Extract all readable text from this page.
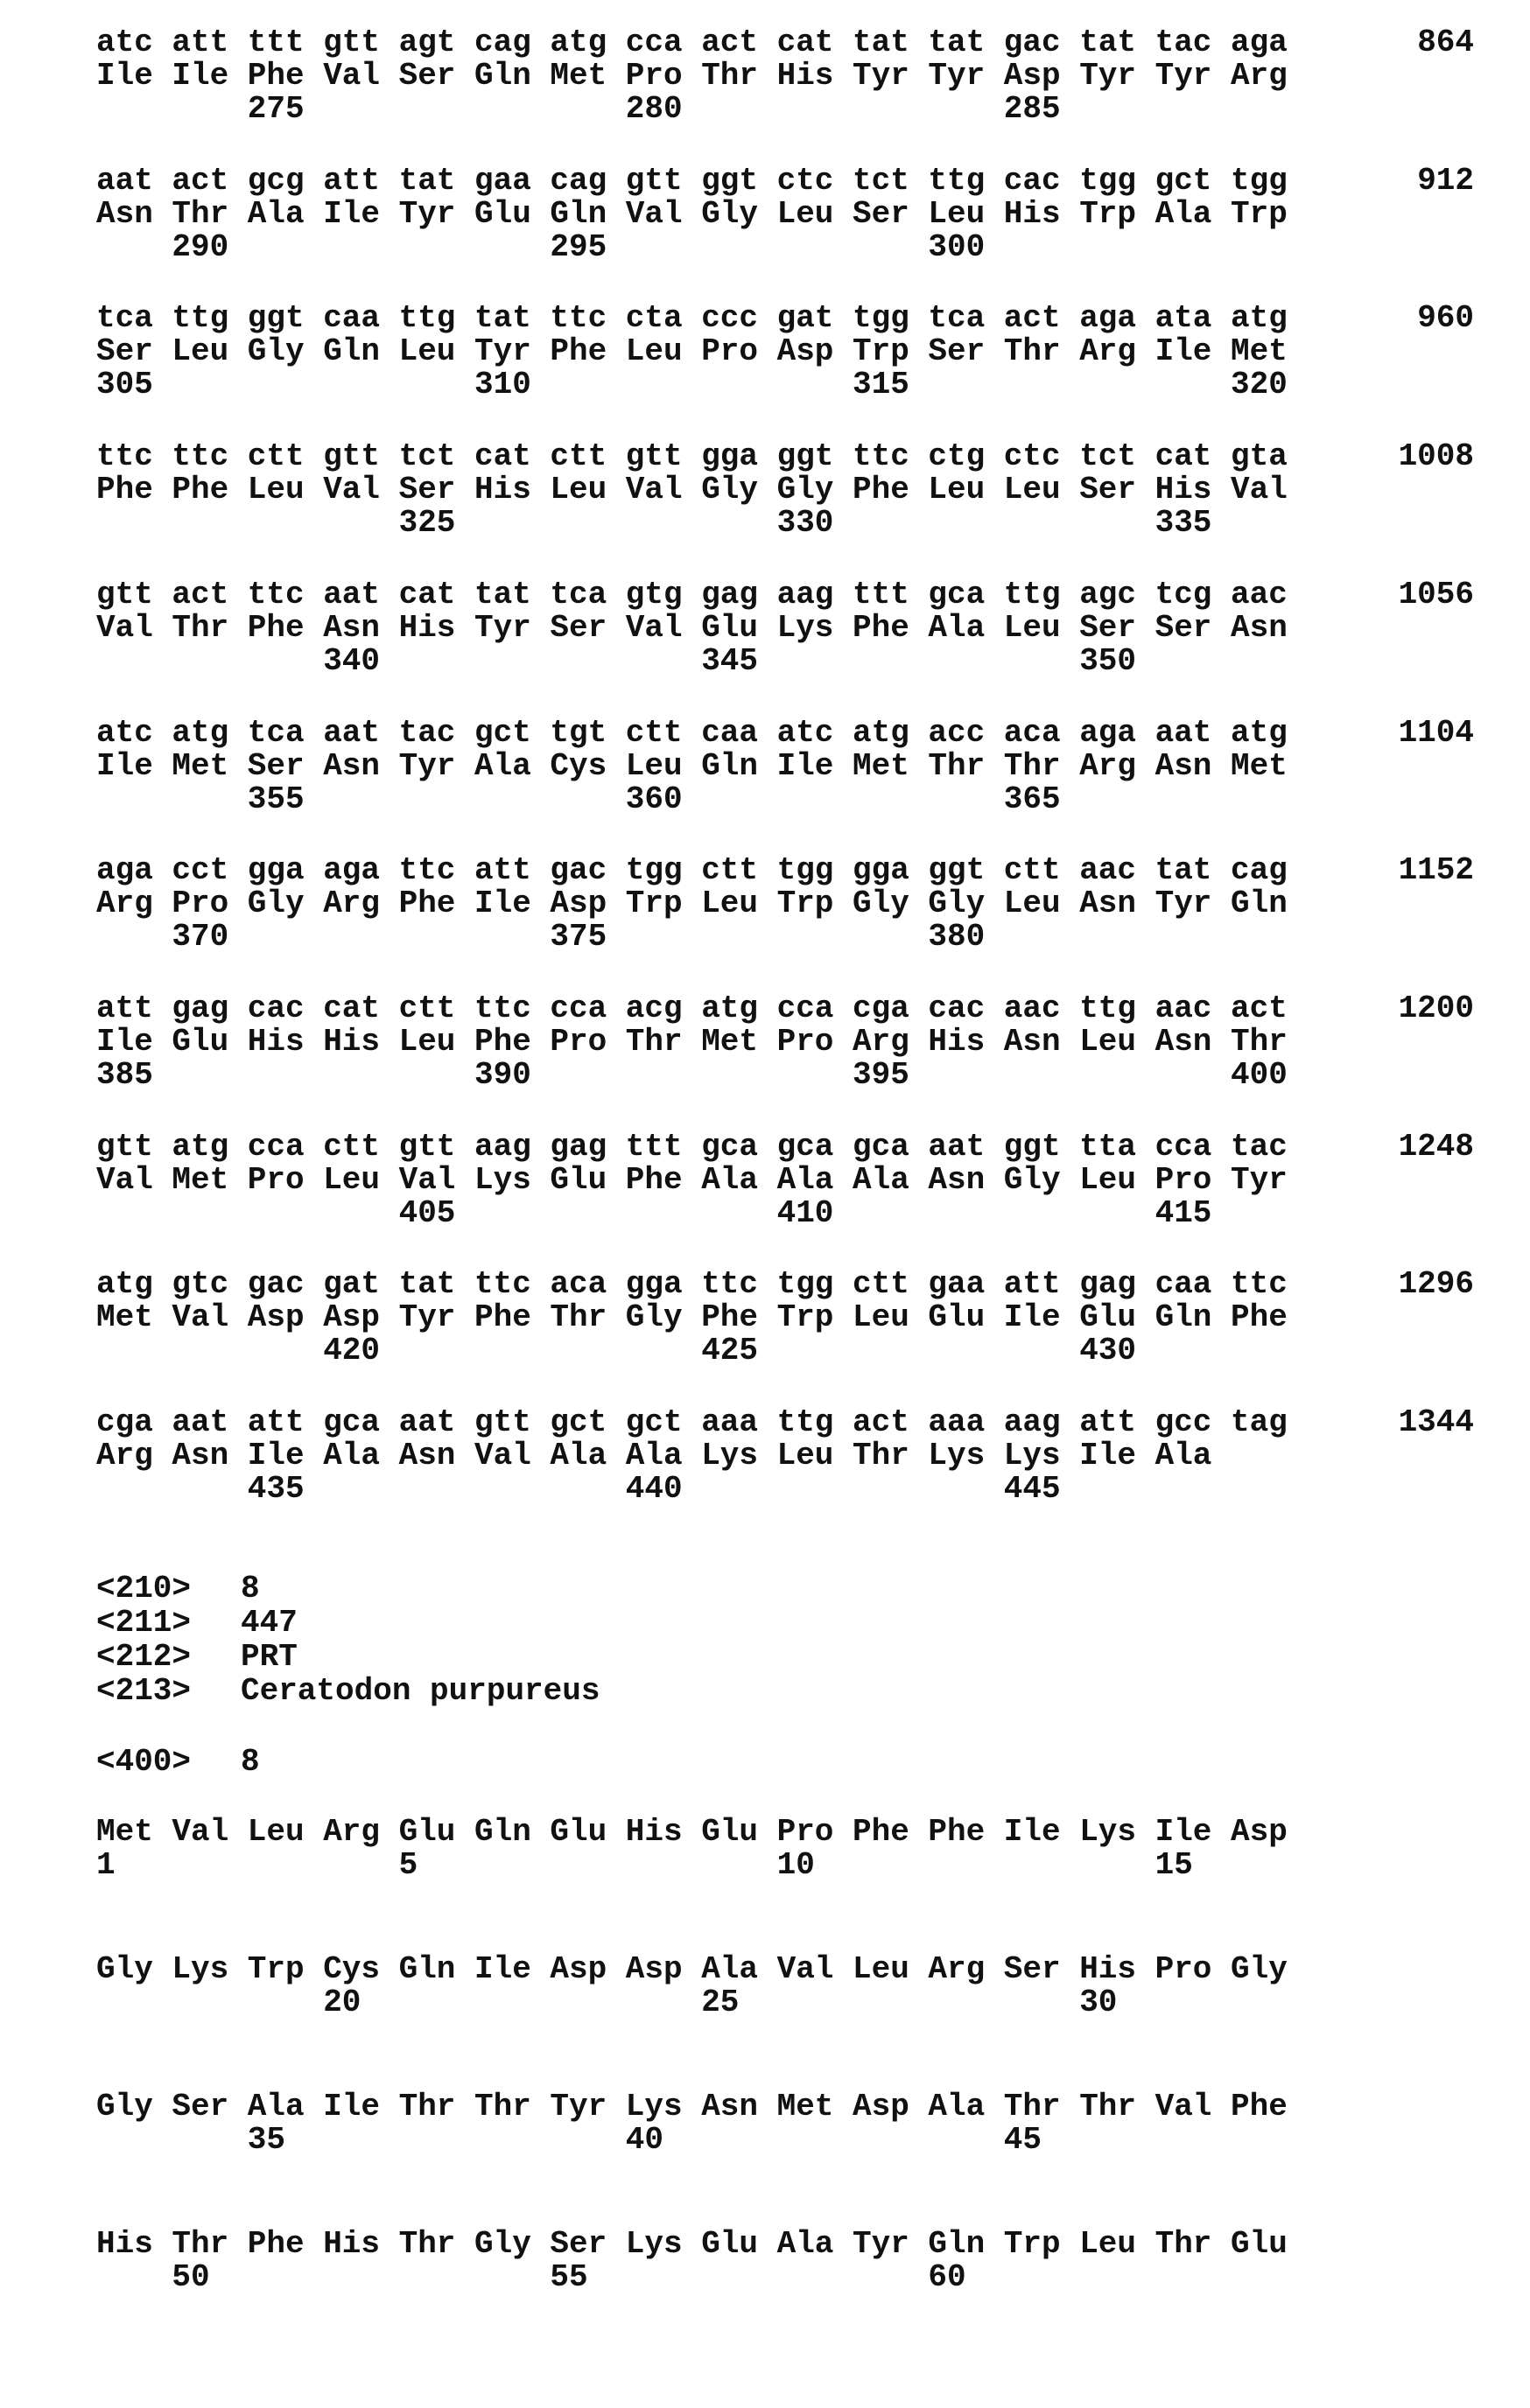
atc att ttt gtt agt cag atg cca act cat tat tat gac tat tac aga	864
Ile Ile Phe Val Ser Gln Met Pro Thr His Tyr Tyr Asp Tyr Tyr Arg
275	280	285
aat act gcg att tat gaa cag gtt ggt ctc tct ttg cac tgg gct tgg	912
Asn Thr Ala Ile Tyr Glu Gln Val Gly Leu Ser Leu His Trp Ala Trp
290	295	300
tca ttg ggt caa ttg tat ttc cta ccc gat tgg tca act aga ata atg	960
Ser Leu Gly Gln Leu Tyr Phe Leu Pro Asp Trp Ser Thr Arg Ile Met
305	310	315	320
ttc ttc ctt gtt tct cat ctt gtt gga ggt ttc ctg ctc tct cat gta	1008
Phe Phe Leu Val Ser His Leu Val Gly Gly Phe Leu Leu Ser His Val
325	330	335
gtt act ttc aat cat tat tca gtg gag aag ttt gca ttg agc tcg aac	1056
Val Thr Phe Asn His Tyr Ser Val Glu Lys Phe Ala Leu Ser Ser Asn
340	345	350
atc atg tca aat tac gct tgt ctt caa atc atg acc aca aga aat atg	1104
Ile Met Ser Asn Tyr Ala Cys Leu Gln Ile Met Thr Thr Arg Asn Met
355	360	365
aga cct gga aga ttc att gac tgg ctt tgg gga ggt ctt aac tat cag	1152
Arg Pro Gly Arg Phe Ile Asp Trp Leu Trp Gly Gly Leu Asn Tyr Gln
370	375	380
att gag cac cat ctt ttc cca acg atg cca cga cac aac ttg aac act	1200
Ile Glu His His Leu Phe Pro Thr Met Pro Arg His Asn Leu Asn Thr
385	390	395	400
gtt atg cca ctt gtt aag gag ttt gca gca gca aat ggt tta cca tac	1248
Val Met Pro Leu Val Lys Glu Phe Ala Ala Ala Asn Gly Leu Pro Tyr
405	410	415
atg gtc gac gat tat ttc aca gga ttc tgg ctt gaa att gag caa ttc	1296
Met Val Asp Asp Tyr Phe Thr Gly Phe Trp Leu Glu Ile Glu Gln Phe
420	425	430
cga aat att gca aat gtt gct gct aaa ttg act aaa aag att gcc tag	1344
Arg Asn Ile Ala Asn Val Ala Ala Lys Leu Thr Lys Lys Ile Ala
435	440	445
<210> 8
<211> 447
<212> PRT
<213> Ceratodon purpureus
<400> 8
Met Val Leu Arg Glu Gln Glu His Glu Pro Phe Phe Ile Lys Ile Asp
1	5	10	15
Gly Lys Trp Cys Gln Ile Asp Asp Ala Val Leu Arg Ser His Pro Gly
20	25	30
Gly Ser Ala Ile Thr Thr Tyr Lys Asn Met Asp Ala Thr Thr Val Phe
35	40	45
His Thr Phe His Thr Gly Ser Lys Glu Ala Tyr Gln Trp Leu Thr Glu
50	55	60
